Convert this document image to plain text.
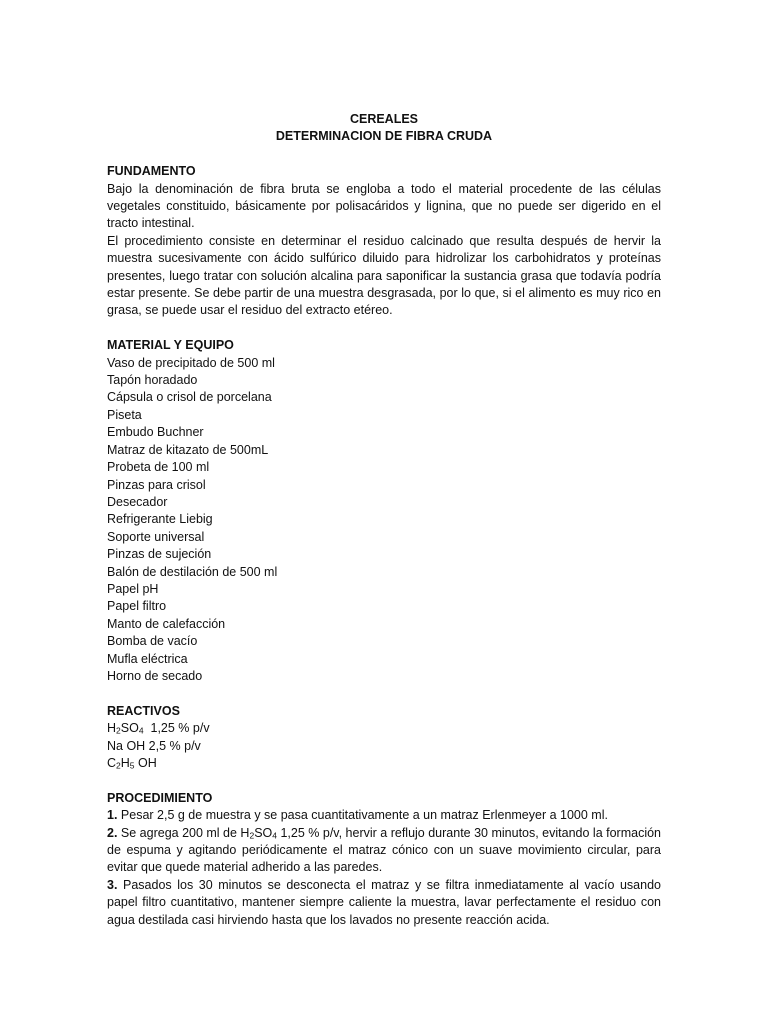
CEREALES

DETERMINACION DE FIBRA CRUDA

FUNDAMENTO

Bajo la denominación de fibra bruta se engloba a todo el material procedente de las células vegetales constituido, básicamente por polisacáridos y lignina, que no puede ser digerido en el tracto intestinal.

El procedimiento consiste en determinar el residuo calcinado que resulta después de hervir la muestra sucesivamente con ácido sulfúrico diluido para hidrolizar los carbohidratos y proteínas presentes, luego tratar con solución alcalina para saponificar la sustancia grasa que todavía podría estar presente. Se debe partir de una muestra desgrasada, por lo que, si el alimento es muy rico en grasa, se puede usar el residuo del extracto etéreo.

MATERIAL Y EQUIPO

Vaso de precipitado de 500 ml
Tapón horadado
Cápsula o crisol de porcelana
Piseta
Embudo Buchner
Matraz de kitazato de 500mL
Probeta de 100 ml
Pinzas para crisol
Desecador
Refrigerante Liebig
Soporte universal
Pinzas de sujeción
Balón de destilación de 500 ml
Papel pH
Papel filtro
Manto de calefacción
Bomba de vacío
Mufla eléctrica
Horno de secado

REACTIVOS

$H_2SO_4$  1,25 % p/v

Na OH 2,5 % p/v

$C_2H_5$ OH

PROCEDIMIENTO

1. Pesar 2,5 g de muestra y se pasa cuantitativamente a un matraz Erlenmeyer a 1000 ml.

2. Se agrega 200 ml de $H_2SO_4$ 1,25 % p/v, hervir a reflujo durante 30 minutos, evitando la formación de espuma y agitando periódicamente el matraz cónico con un suave movimiento circular, para evitar que quede material adherido a las paredes.

3. Pasados los 30 minutos se desconecta el matraz y se filtra inmediatamente al vacío usando papel filtro cuantitativo, mantener siempre caliente la muestra, lavar perfectamente el residuo con agua destilada casi hirviendo hasta que los lavados no presente reacción acida.
